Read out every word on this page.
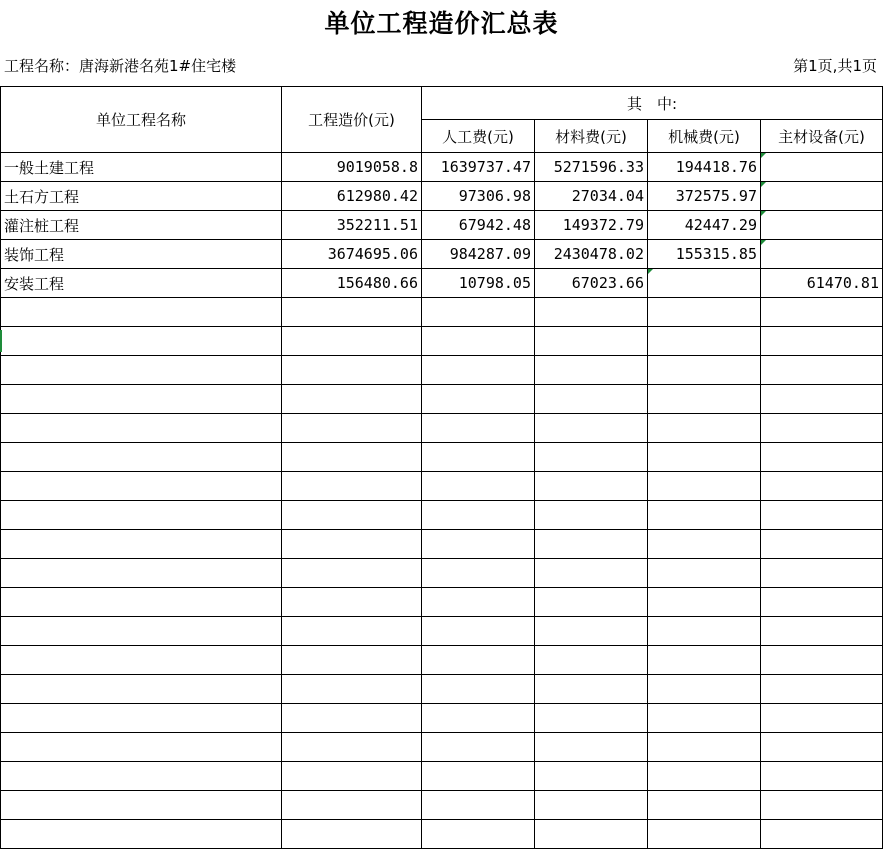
单位工程造价汇总表
工程名称：唐海新港名苑1#住宅楼	第1页,共1页
单位工程名称	工程造价(元)	其　中:			
		人工费(元)	材料费(元)	机械费(元)	主材设备(元)
一般土建工程	9019058.8	1639737.47	5271596.33	194418.76	
土石方工程	612980.42	97306.98	27034.04	372575.97	
灌注桩工程	352211.51	67942.48	149372.79	42447.29	
装饰工程	3674695.06	984287.09	2430478.02	155315.85	
安装工程	156480.66	10798.05	67023.66		61470.81
